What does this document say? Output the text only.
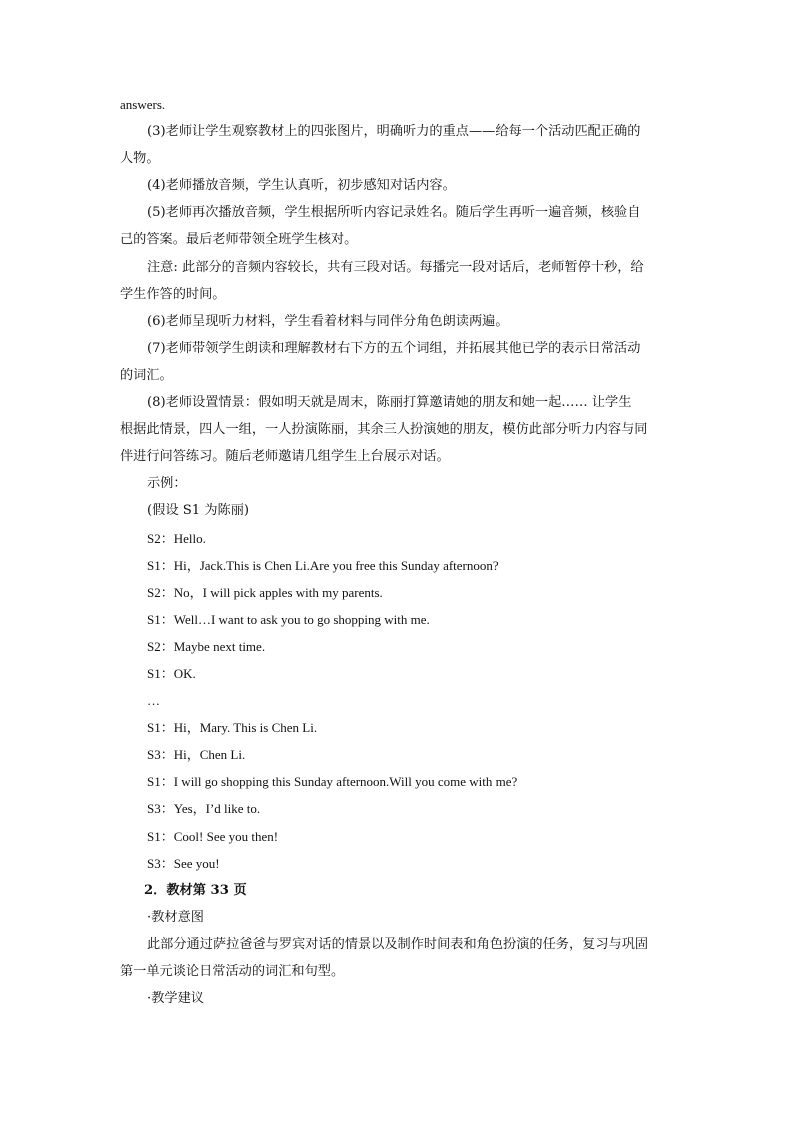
answers.

(3)老师让学生观察教材上的四张图片，明确听力的重点——给每一个活动匹配正确的

人物。

(4)老师播放音频，学生认真听，初步感知对话内容。

(5)老师再次播放音频，学生根据所听内容记录姓名。随后学生再听一遍音频，核验自

己的答案。最后老师带领全班学生核对。

注意: 此部分的音频内容较长，共有三段对话。每播完一段对话后，老师暂停十秒，给

学生作答的时间。

(6)老师呈现听力材料，学生看着材料与同伴分角色朗读两遍。

(7)老师带领学生朗读和理解教材右下方的五个词组，并拓展其他已学的表示日常活动

的词汇。

(8)老师设置情景：假如明天就是周末，陈丽打算邀请她的朋友和她一起…… 让学生

根据此情景，四人一组，一人扮演陈丽，其余三人扮演她的朋友，模仿此部分听力内容与同

伴进行问答练习。随后老师邀请几组学生上台展示对话。

示例：

(假设 S1 为陈丽)

S2：Hello.

S1：Hi，Jack.This is Chen Li.Are you free this Sunday afternoon?

S2：No，I will pick apples with my parents.

S1：Well…I want to ask you to go shopping with me.

S2：Maybe next time.

S1：OK.

…

S1：Hi，Mary. This is Chen Li.

S3：Hi，Chen Li.

S1：I will go shopping this Sunday afternoon.Will you come with me?

S3：Yes，I’d like to.

S1：Cool! See you then!

S3：See you!

2．教材第 33 页

·教材意图

此部分通过萨拉爸爸与罗宾对话的情景以及制作时间表和角色扮演的任务，复习与巩固

第一单元谈论日常活动的词汇和句型。

·教学建议
